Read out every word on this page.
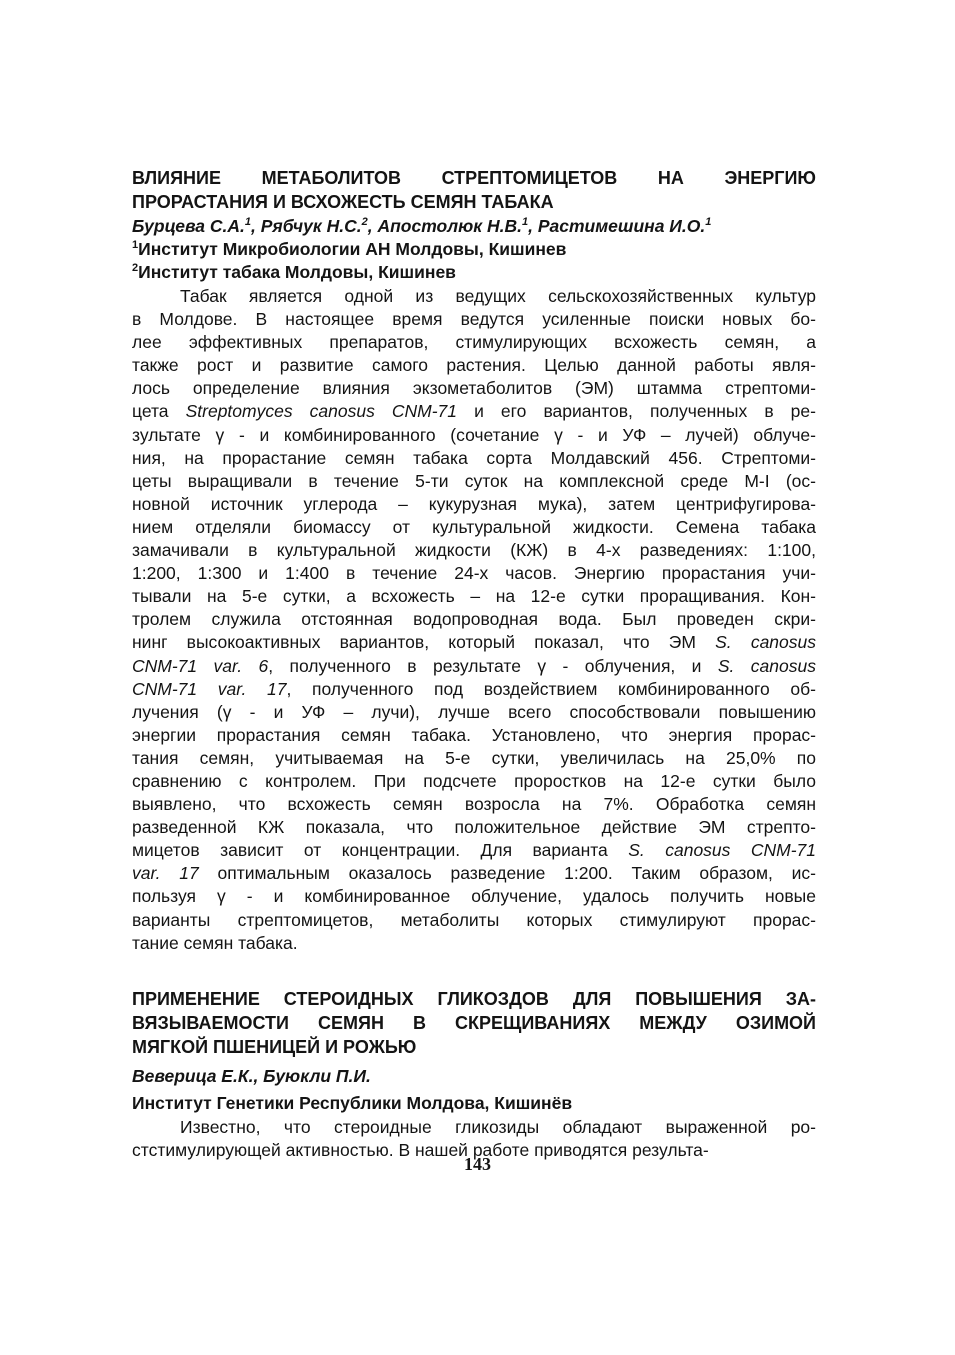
ВЛИЯНИЕ МЕТАБОЛИТОВ СТРЕПТОМИЦЕТОВ НА ЭНЕРГИЮ
ПРОРАСТАНИЯ И ВСХОЖЕСТЬ СЕМЯН ТАБАКА

Бурцева С.А.$^1$, Рябчук Н.С.$^2$, Апостолюк Н.В.$^1$, Растимешина И.О.$^1$

$^1$Институт Микробиологии АН Молдовы, Кишинев

$^2$Институт табака Молдовы, Кишинев

Табак является одной из ведущих сельскохозяйственных культур
в Молдове. В настоящее время ведутся усиленные поиски новых бо-
лее эффективных препаратов, стимулирующих всхожесть семян, а
также рост и развитие самого растения. Целью данной работы явля-
лось определение влияния экзометаболитов (ЭМ) штамма стрептоми-
цета Streptomyces canosus CNM-71 и его вариантов, полученных в ре-
зультате γ - и комбинированного (сочетание γ - и УФ – лучей) облуче-
ния, на прорастание семян табака сорта Молдавский 456. Стрептоми-
цеты выращивали в течение 5-ти суток на комплексной среде М-I (ос-
новной источник углерода – кукурузная мука), затем центрифугирова-
нием отделяли биомассу от культуральной жидкости. Семена табака
замачивали в культуральной жидкости (КЖ) в 4-х разведениях: 1:100,
1:200, 1:300 и 1:400 в течение 24-х часов. Энергию прорастания учи-
тывали на 5-е сутки, а всхожесть – на 12-е сутки проращивания. Кон-
тролем служила отстоянная водопроводная вода. Был проведен скри-
нинг высокоактивных вариантов, который показал, что ЭМ S. canosus
CNM-71 var. 6, полученного в результате γ - облучения, и S. canosus
CNM-71 var. 17, полученного под воздействием комбинированного об-
лучения (γ - и УФ – лучи), лучше всего способствовали повышению
энергии прорастания семян табака. Установлено, что энергия прорас-
тания семян, учитываемая на 5-е сутки, увеличилась на 25,0% по
сравнению с контролем. При подсчете проростков на 12-е сутки было
выявлено, что всхожесть семян возросла на 7%. Обработка семян
разведенной КЖ показала, что положительное действие ЭМ стрепто-
мицетов зависит от концентрации. Для варианта S. canosus CNM-71
var. 17 оптимальным оказалось разведение 1:200. Таким образом, ис-
пользуя γ - и комбинированное облучение, удалось получить новые
варианты стрептомицетов, метаболиты которых стимулируют прорас-
тание семян табака.
ПРИМЕНЕНИЕ СТЕРОИДНЫХ ГЛИКОЗДОВ ДЛЯ ПОВЫШЕНИЯ ЗА-
ВЯЗЫВАЕМОСТИ СЕМЯН В СКРЕЩИВАНИЯХ МЕЖДУ ОЗИМОЙ
МЯГКОЙ ПШЕНИЦЕЙ И РОЖЬЮ

Веверица Е.К., Буюкли П.И.

Институт Генетики Республики Молдова, Кишинёв

Известно, что стероидные гликозиды обладают выраженной ро-
стстимулирующей активностью. В нашей работе приводятся результа-
143
